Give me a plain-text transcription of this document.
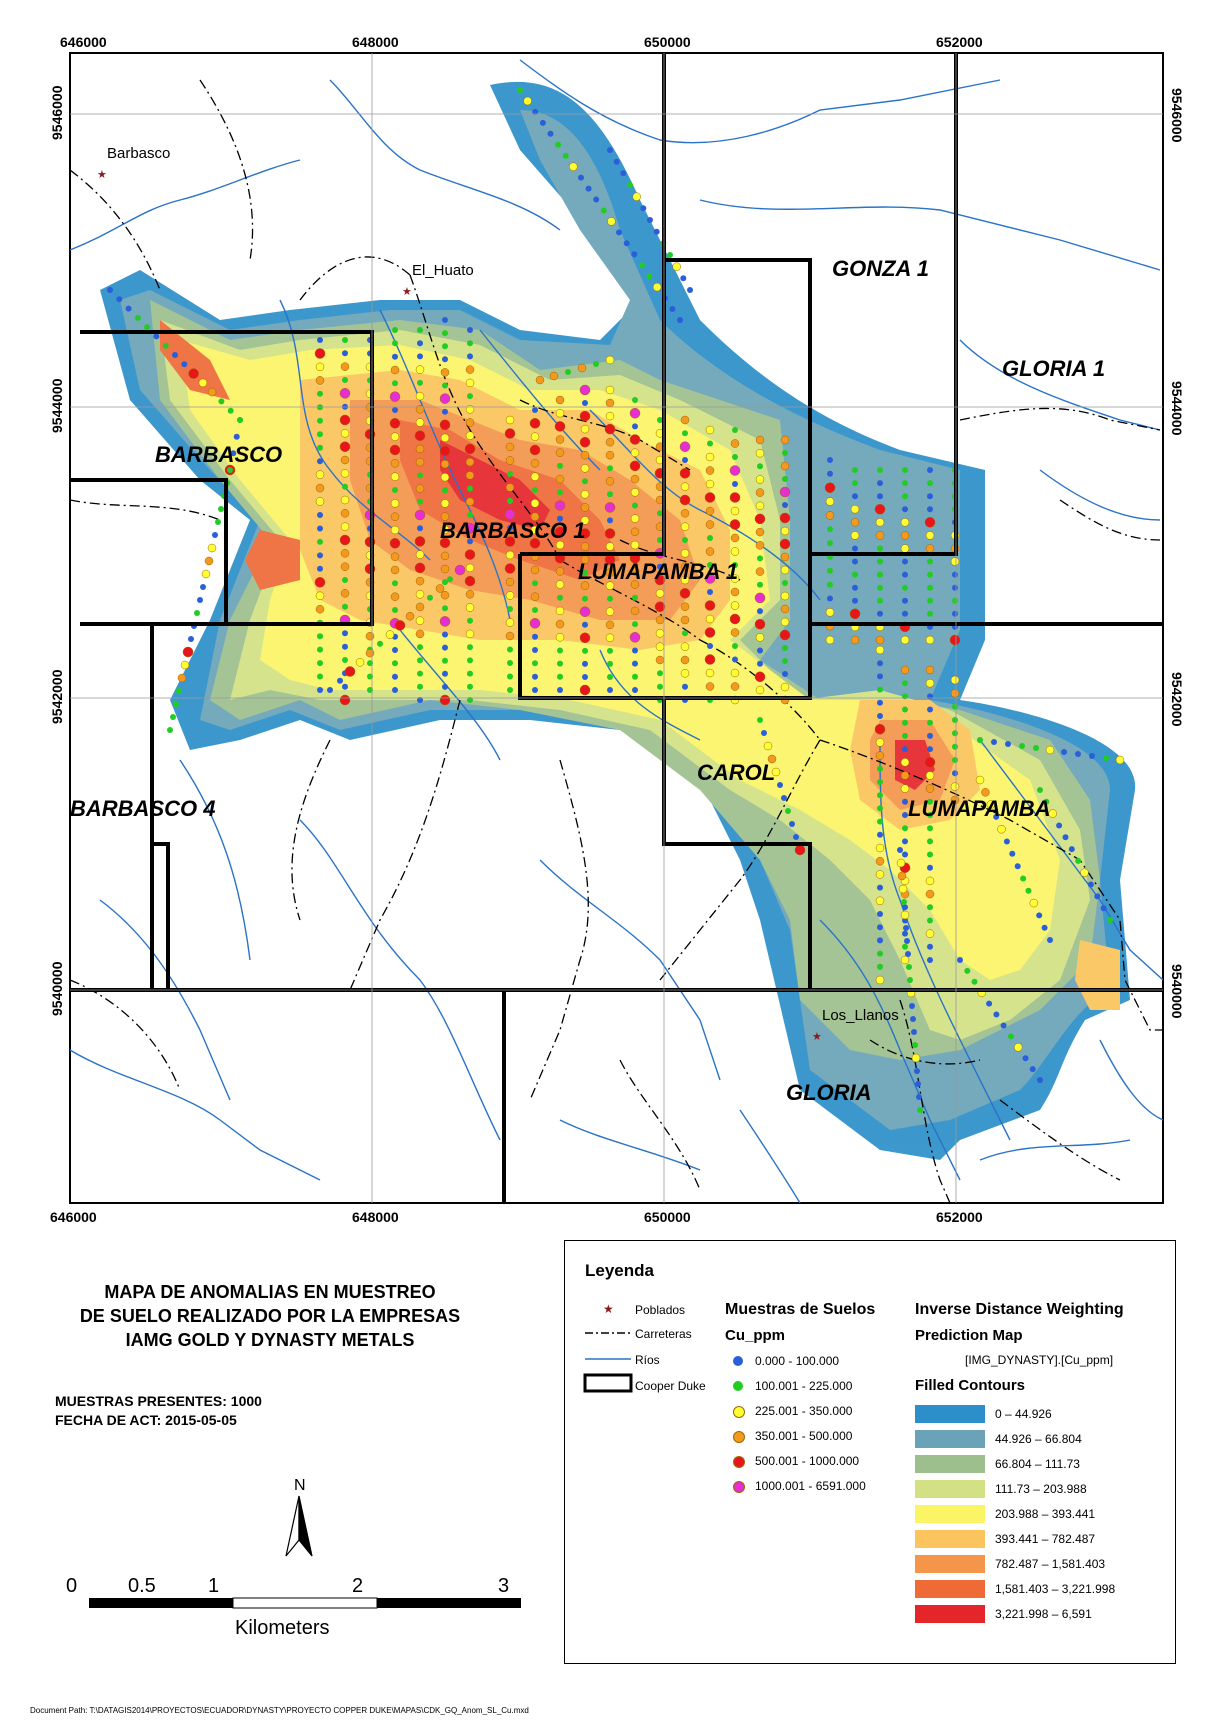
646000	648000	650000	652000
646000	648000	650000	652000
9546000
9544000
9542000
9540000
9546000
9544000
9542000
9540000
BARBASCO
BARBASCO 1
LUMAPAMBA 1
GONZA 1
GLORIA 1
CAROL
LUMAPAMBA
BARBASCO 4
GLORIA
★
Barbasco
★
El_Huato
★
Los_Llanos
MAPA DE ANOMALIAS EN MUESTREO
DE SUELO REALIZADO POR LA EMPRESAS
IAMG GOLD Y DYNASTY METALS
MUESTRAS PRESENTES: 1000
FECHA DE ACT: 2015-05-05
N
0	0.5	1	2	3
Kilometers
Leyenda
★ Poblados
Carreteras
Ríos
Cooper Duke
Muestras de Suelos
Cu_ppm
0.000 - 100.000
100.001 - 225.000
225.001 - 350.000
350.001 - 500.000
500.001 - 1000.000
1000.001 - 6591.000
Inverse Distance Weighting
Prediction Map
[IMG_DYNASTY].[Cu_ppm]
Filled Contours
0 – 44.926
44.926 – 66.804
66.804 – 111.73
111.73 – 203.988
203.988 – 393.441
393.441 – 782.487
782.487 – 1,581.403
1,581.403 – 3,221.998
3,221.998 – 6,591
Document Path: T:\DATAGIS2014\PROYECTOS\ECUADOR\DYNASTY\PROYECTO COPPER DUKE\MAPAS\CDK_GQ_Anom_SL_Cu.mxd
